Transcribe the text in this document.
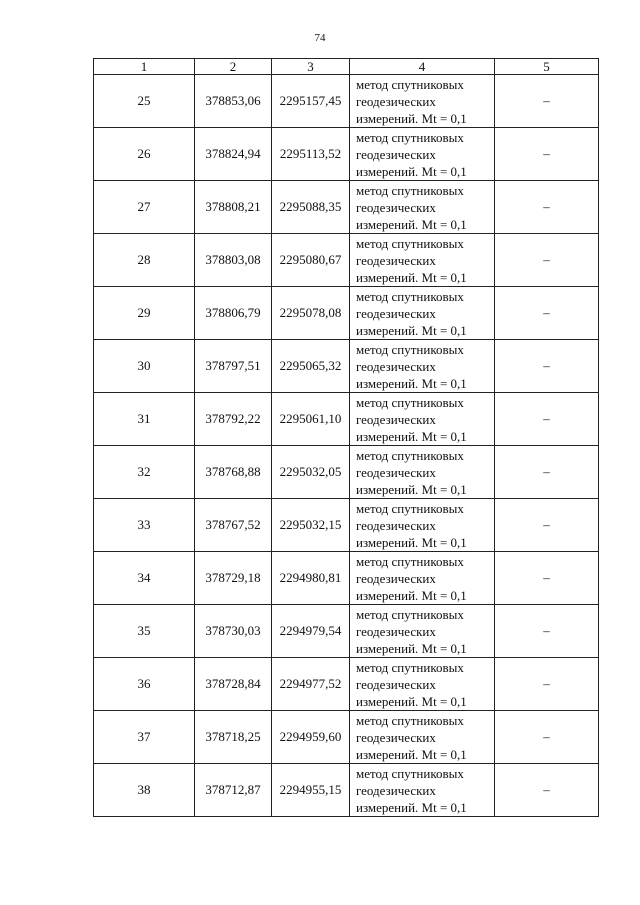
74
1	2	3	4	5
25	378853,06	2295157,45	метод спутниковых
геодезических
измерений. Mt = 0,1	–
26	378824,94	2295113,52	метод спутниковых
геодезических
измерений. Mt = 0,1	–
27	378808,21	2295088,35	метод спутниковых
геодезических
измерений. Mt = 0,1	–
28	378803,08	2295080,67	метод спутниковых
геодезических
измерений. Mt = 0,1	–
29	378806,79	2295078,08	метод спутниковых
геодезических
измерений. Mt = 0,1	–
30	378797,51	2295065,32	метод спутниковых
геодезических
измерений. Mt = 0,1	–
31	378792,22	2295061,10	метод спутниковых
геодезических
измерений. Mt = 0,1	–
32	378768,88	2295032,05	метод спутниковых
геодезических
измерений. Mt = 0,1	–
33	378767,52	2295032,15	метод спутниковых
геодезических
измерений. Mt = 0,1	–
34	378729,18	2294980,81	метод спутниковых
геодезических
измерений. Mt = 0,1	–
35	378730,03	2294979,54	метод спутниковых
геодезических
измерений. Mt = 0,1	–
36	378728,84	2294977,52	метод спутниковых
геодезических
измерений. Mt = 0,1	–
37	378718,25	2294959,60	метод спутниковых
геодезических
измерений. Mt = 0,1	–
38	378712,87	2294955,15	метод спутниковых
геодезических
измерений. Mt = 0,1	–
